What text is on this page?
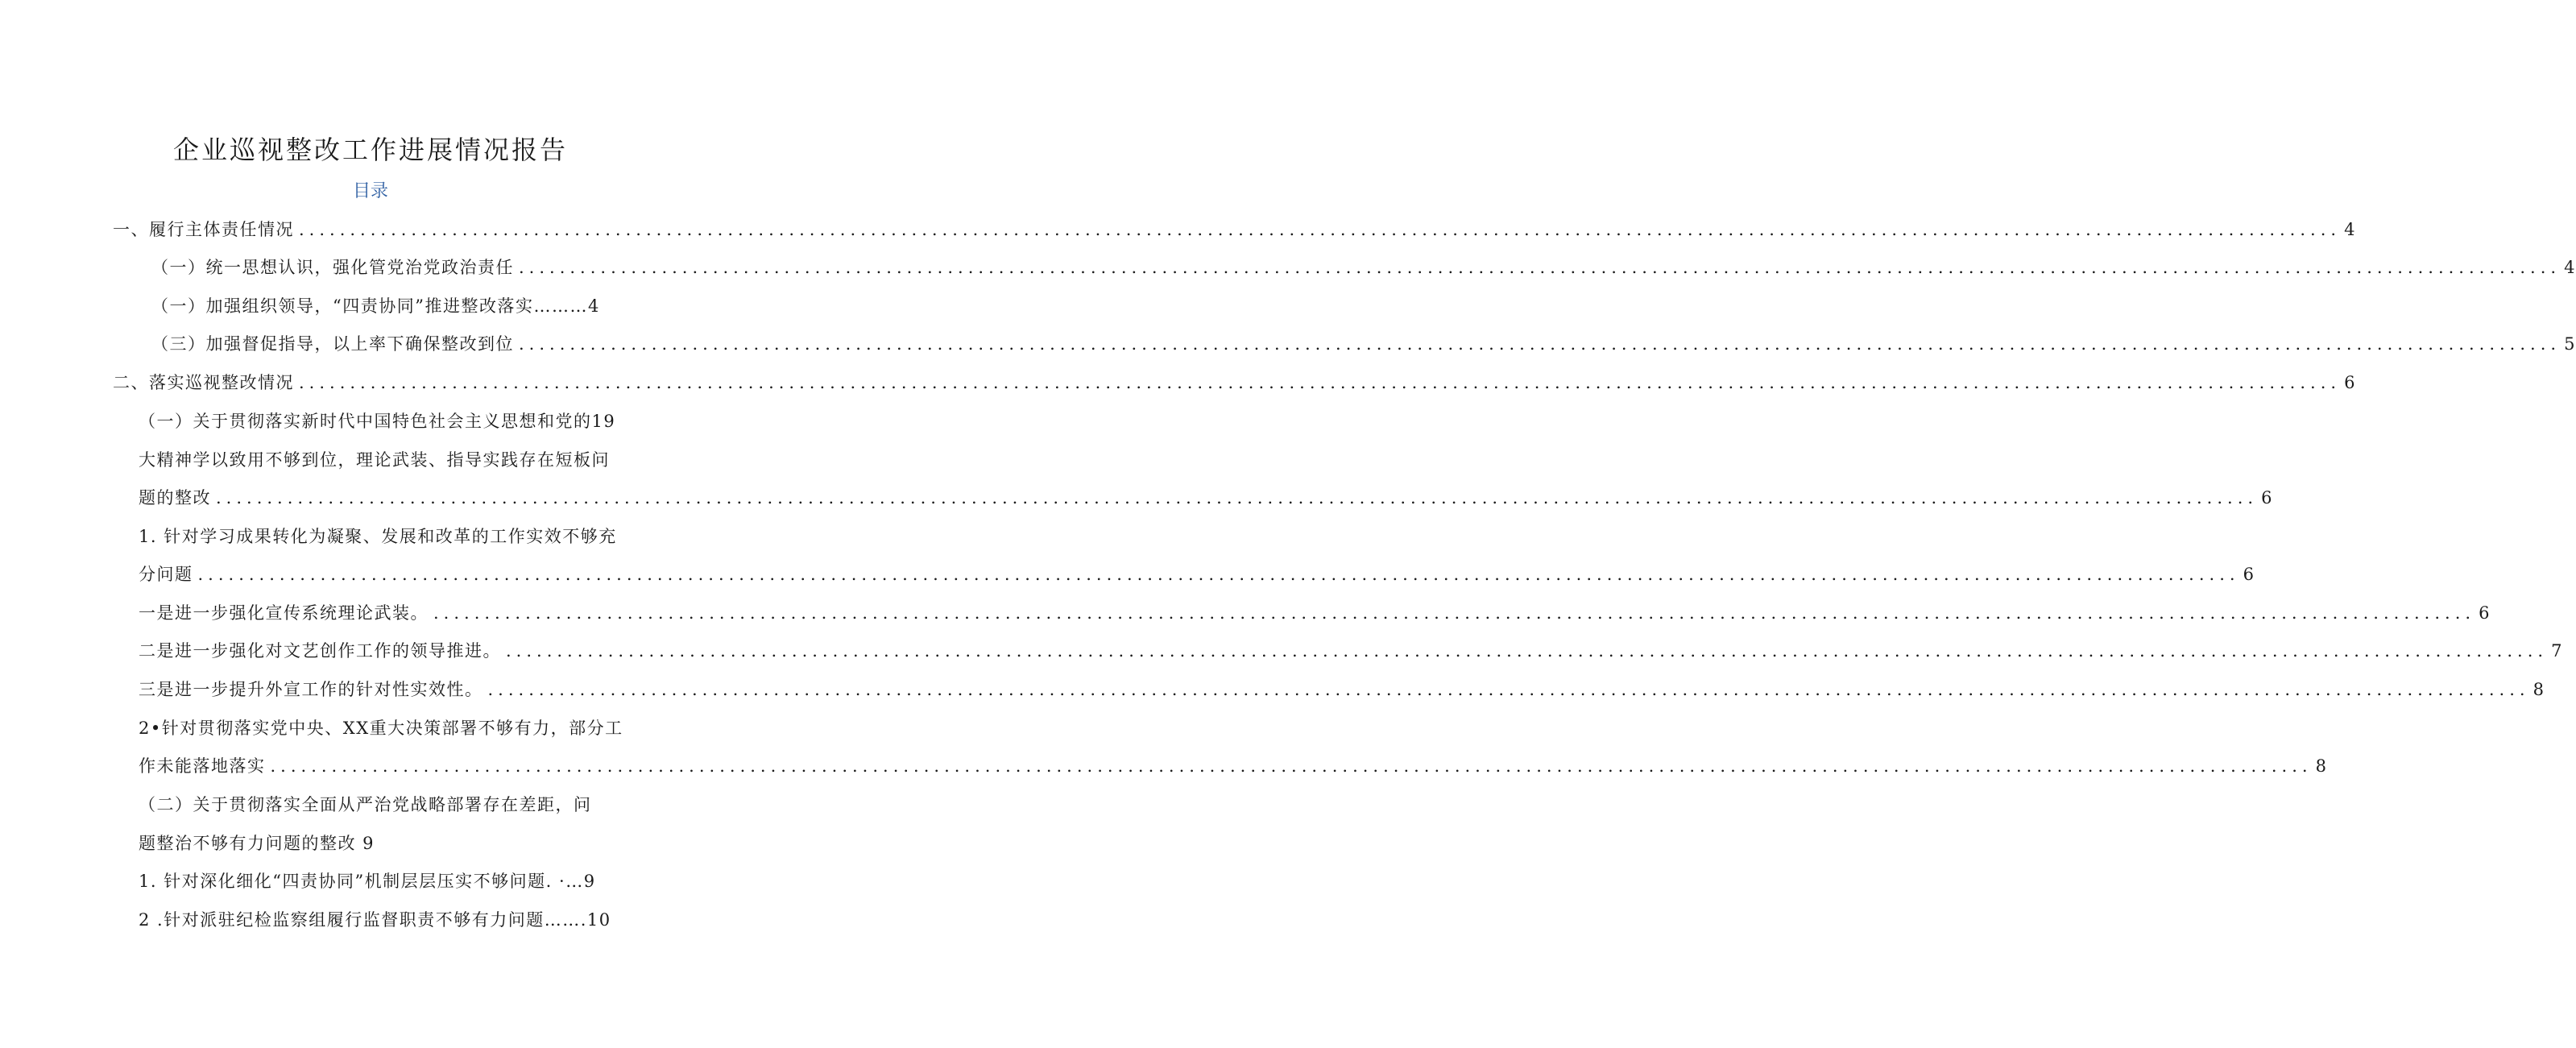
企业巡视整改工作进展情况报告
目录
一、履行主体责任情况 ........................................................................................................................................................................................................ 4
（一）统一思想认识，强化管党治党政治责任 ........................................................................................................................................................................................................ 4
（一）加强组织领导，“四责协同”推进整改落实………4
（三）加强督促指导，以上率下确保整改到位 ........................................................................................................................................................................................................ 5
二、落实巡视整改情况 ........................................................................................................................................................................................................ 6
（一）关于贯彻落实新时代中国特色社会主义思想和党的19
大精神学以致用不够到位，理论武装、指导实践存在短板问
题的整改 ........................................................................................................................................................................................................ 6
1. 针对学习成果转化为凝聚、发展和改革的工作实效不够充
分问题 ........................................................................................................................................................................................................ 6
一是进一步强化宣传系统理论武装。 ........................................................................................................................................................................................................ 6
二是进一步强化对文艺创作工作的领导推进。 ........................................................................................................................................................................................................ 7
三是进一步提升外宣工作的针对性实效性。 ........................................................................................................................................................................................................ 8
2•针对贯彻落实党中央、XX重大决策部署不够有力，部分工
作未能落地落实 ........................................................................................................................................................................................................ 8
（二）关于贯彻落实全面从严治党战略部署存在差距，问
题整治不够有力问题的整改 9
1. 针对深化细化“四责协同”机制层层压实不够问题. ·…9
2 .针对派驻纪检监察组履行监督职责不够有力问题…….10
